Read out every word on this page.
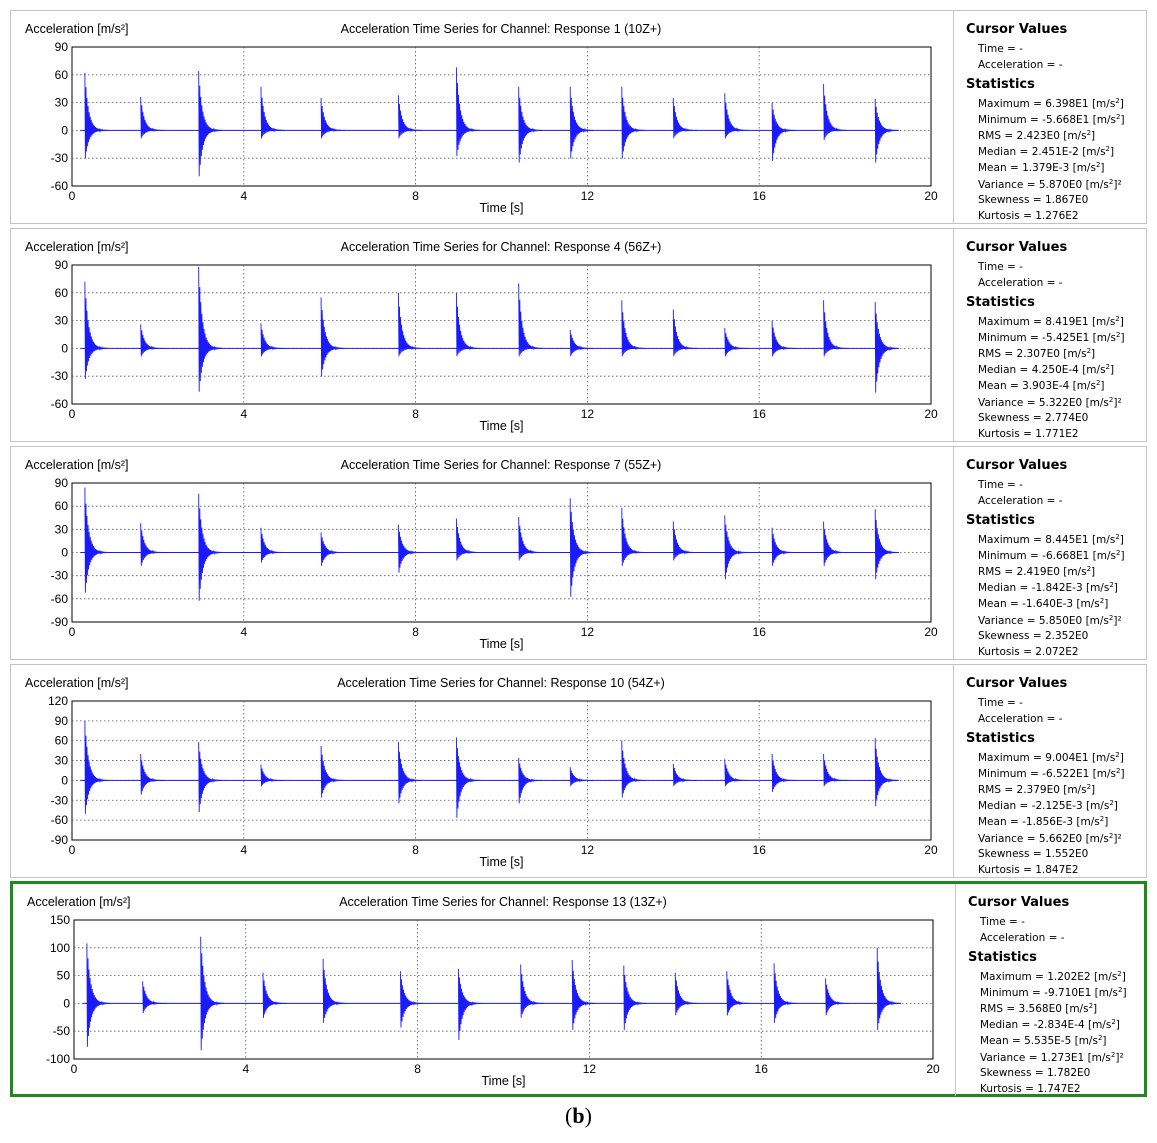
-60
-30
0
30
60
90
0	4	8	12	16	20
Acceleration [m/s²]	Acceleration Time Series for Channel: Response 1 (10Z+)
Time [s]
Cursor Values
Time = -
Acceleration = -
Statistics
Maximum = 6.398E1 $[m/s^2]$
Minimum = -5.668E1 $[m/s^2]$
RMS = 2.423E0 $[m/s^2]$
Median = 2.451E-2 $[m/s^2]$
Mean = 1.379E-3 $[m/s^2]$
Variance = 5.870E0 $[m/s^2]^2$
Skewness = 1.867E0
Kurtosis = 1.276E2
-60
-30
0
30
60
90
0	4	8	12	16	20
Acceleration [m/s²]	Acceleration Time Series for Channel: Response 4 (56Z+)
Time [s]
Cursor Values
Time = -
Acceleration = -
Statistics
Maximum = 8.419E1 $[m/s^2]$
Minimum = -5.425E1 $[m/s^2]$
RMS = 2.307E0 $[m/s^2]$
Median = 4.250E-4 $[m/s^2]$
Mean = 3.903E-4 $[m/s^2]$
Variance = 5.322E0 $[m/s^2]^2$
Skewness = 2.774E0
Kurtosis = 1.771E2
-90
-60
-30
0
30
60
90
0	4	8	12	16	20
Acceleration [m/s²]	Acceleration Time Series for Channel: Response 7 (55Z+)
Time [s]
Cursor Values
Time = -
Acceleration = -
Statistics
Maximum = 8.445E1 $[m/s^2]$
Minimum = -6.668E1 $[m/s^2]$
RMS = 2.419E0 $[m/s^2]$
Median = -1.842E-3 $[m/s^2]$
Mean = -1.640E-3 $[m/s^2]$
Variance = 5.850E0 $[m/s^2]^2$
Skewness = 2.352E0
Kurtosis = 2.072E2
-90
-60
-30
0
30
60
90
120
0	4	8	12	16	20
Acceleration [m/s²]	Acceleration Time Series for Channel: Response 10 (54Z+)
Time [s]
Cursor Values
Time = -
Acceleration = -
Statistics
Maximum = 9.004E1 $[m/s^2]$
Minimum = -6.522E1 $[m/s^2]$
RMS = 2.379E0 $[m/s^2]$
Median = -2.125E-3 $[m/s^2]$
Mean = -1.856E-3 $[m/s^2]$
Variance = 5.662E0 $[m/s^2]^2$
Skewness = 1.552E0
Kurtosis = 1.847E2
-100
-50
0
50
100
150
0	4	8	12	16	20
Acceleration [m/s²]	Acceleration Time Series for Channel: Response 13 (13Z+)
Time [s]
Cursor Values
Time = -
Acceleration = -
Statistics
Maximum = 1.202E2 $[m/s^2]$
Minimum = -9.710E1 $[m/s^2]$
RMS = 3.568E0 $[m/s^2]$
Median = -2.834E-4 $[m/s^2]$
Mean = 5.535E-5 $[m/s^2]$
Variance = 1.273E1 $[m/s^2]^2$
Skewness = 1.782E0
Kurtosis = 1.747E2
(b)
